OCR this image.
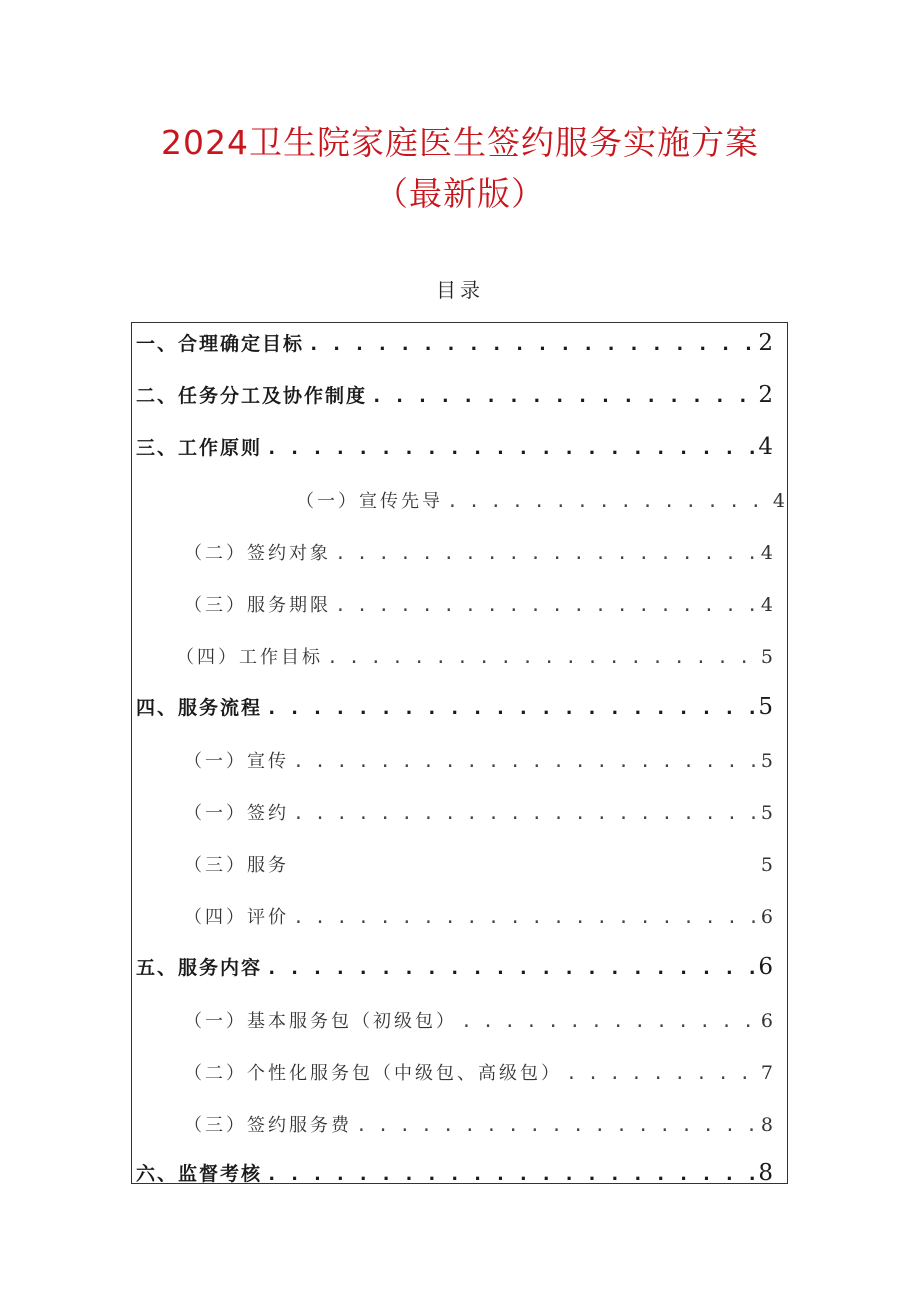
2024卫生院家庭医生签约服务实施方案
（最新版）
目录
一、合理确定目标 . . .	2
二、任务分工及协作制度 . . .	2
三、工作原则 . . .	4
（一）宣传先导 . . .	4
（二）签约对象 . . .	4
（三）服务期限 . . .	4
（四）工作目标 . . .	5
四、服务流程 . . .	5
（一）宣传 . . .	5
（一）签约 . . .	5
（三）服务	5
（四）评价 . . .	6
五、服务内容 . . .	6
（一）基本服务包（初级包） . . .	6
（二）个性化服务包（中级包、高级包） . . .	7
（三）签约服务费 . . .	8
六、监督考核 . . .	8
